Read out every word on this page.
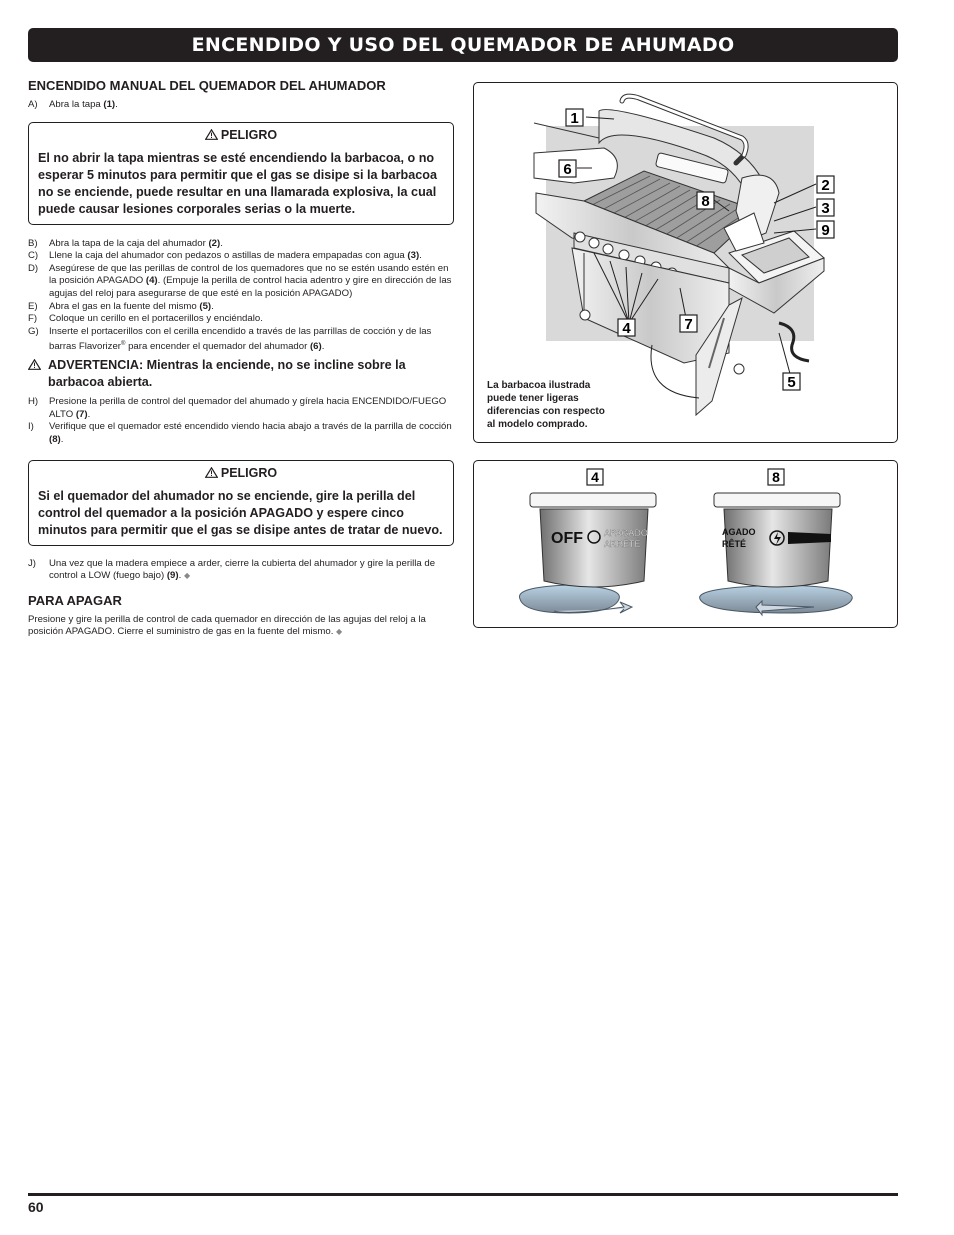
ENCENDIDO Y USO DEL QUEMADOR DE AHUMADO
ENCENDIDO MANUAL DEL QUEMADOR DEL AHUMADOR
A)	Abra la tapa (1).
PELIGRO
El no abrir la tapa mientras se esté encendiendo la barbacoa, o no esperar 5 minutos para permitir que el gas se disipe si la barbacoa no se enciende, puede resultar en una llamarada explosiva, la cual puede causar lesiones corporales serias o la muerte.
B)	Abra la tapa de la caja del ahumador (2).
C)	Llene la caja del ahumador con pedazos o astillas de madera empapadas con agua (3).
D)	Asegúrese de que las perillas de control de los quemadores que no se estén usando estén en la posición APAGADO (4). (Empuje la perilla de control hacia adentro y gire en dirección de las agujas del reloj para asegurarse de que esté en la posición APAGADO)
E)	Abra el gas en la fuente del mismo (5).
F)	Coloque un cerillo en el portacerillos y enciéndalo.
G)	Inserte el portacerillos con el cerilla encendido a través de las parrillas de cocción y de las barras Flavorizer® para encender el quemador del ahumador (6).
ADVERTENCIA: Mientras la enciende, no se incline sobre la barbacoa abierta.
H)	Presione la perilla de control del quemador del ahumado y gírela hacia ENCENDIDO/FUEGO ALTO (7).
I)	Verifique que el quemador esté encendido viendo hacia abajo a través de la parrilla de cocción (8).
PELIGRO
Si el quemador del ahumador no se enciende, gire la perilla del control del quemador a la posición APAGADO y espere cinco minutos para permitir que el gas se disipe antes de tratar de nuevo.
J)	Una vez que la madera empiece a arder, cierre la cubierta del ahumador y gire la perilla de control a LOW (fuego bajo) (9). ◆
PARA APAGAR
Presione y gire la perilla de control de cada quemador en dirección de las agujas del reloj a la posición APAGADO. Cierre el suministro de gas en la fuente del mismo. ◆
1
6
8
2
3
9
4	7
5
La barbacoa ilustrada
puede tener ligeras
diferencias con respecto
al modelo comprado.
4	8
OFF APAGADO
ARRÊTÉ
AGADO
RÊTÉ
60
